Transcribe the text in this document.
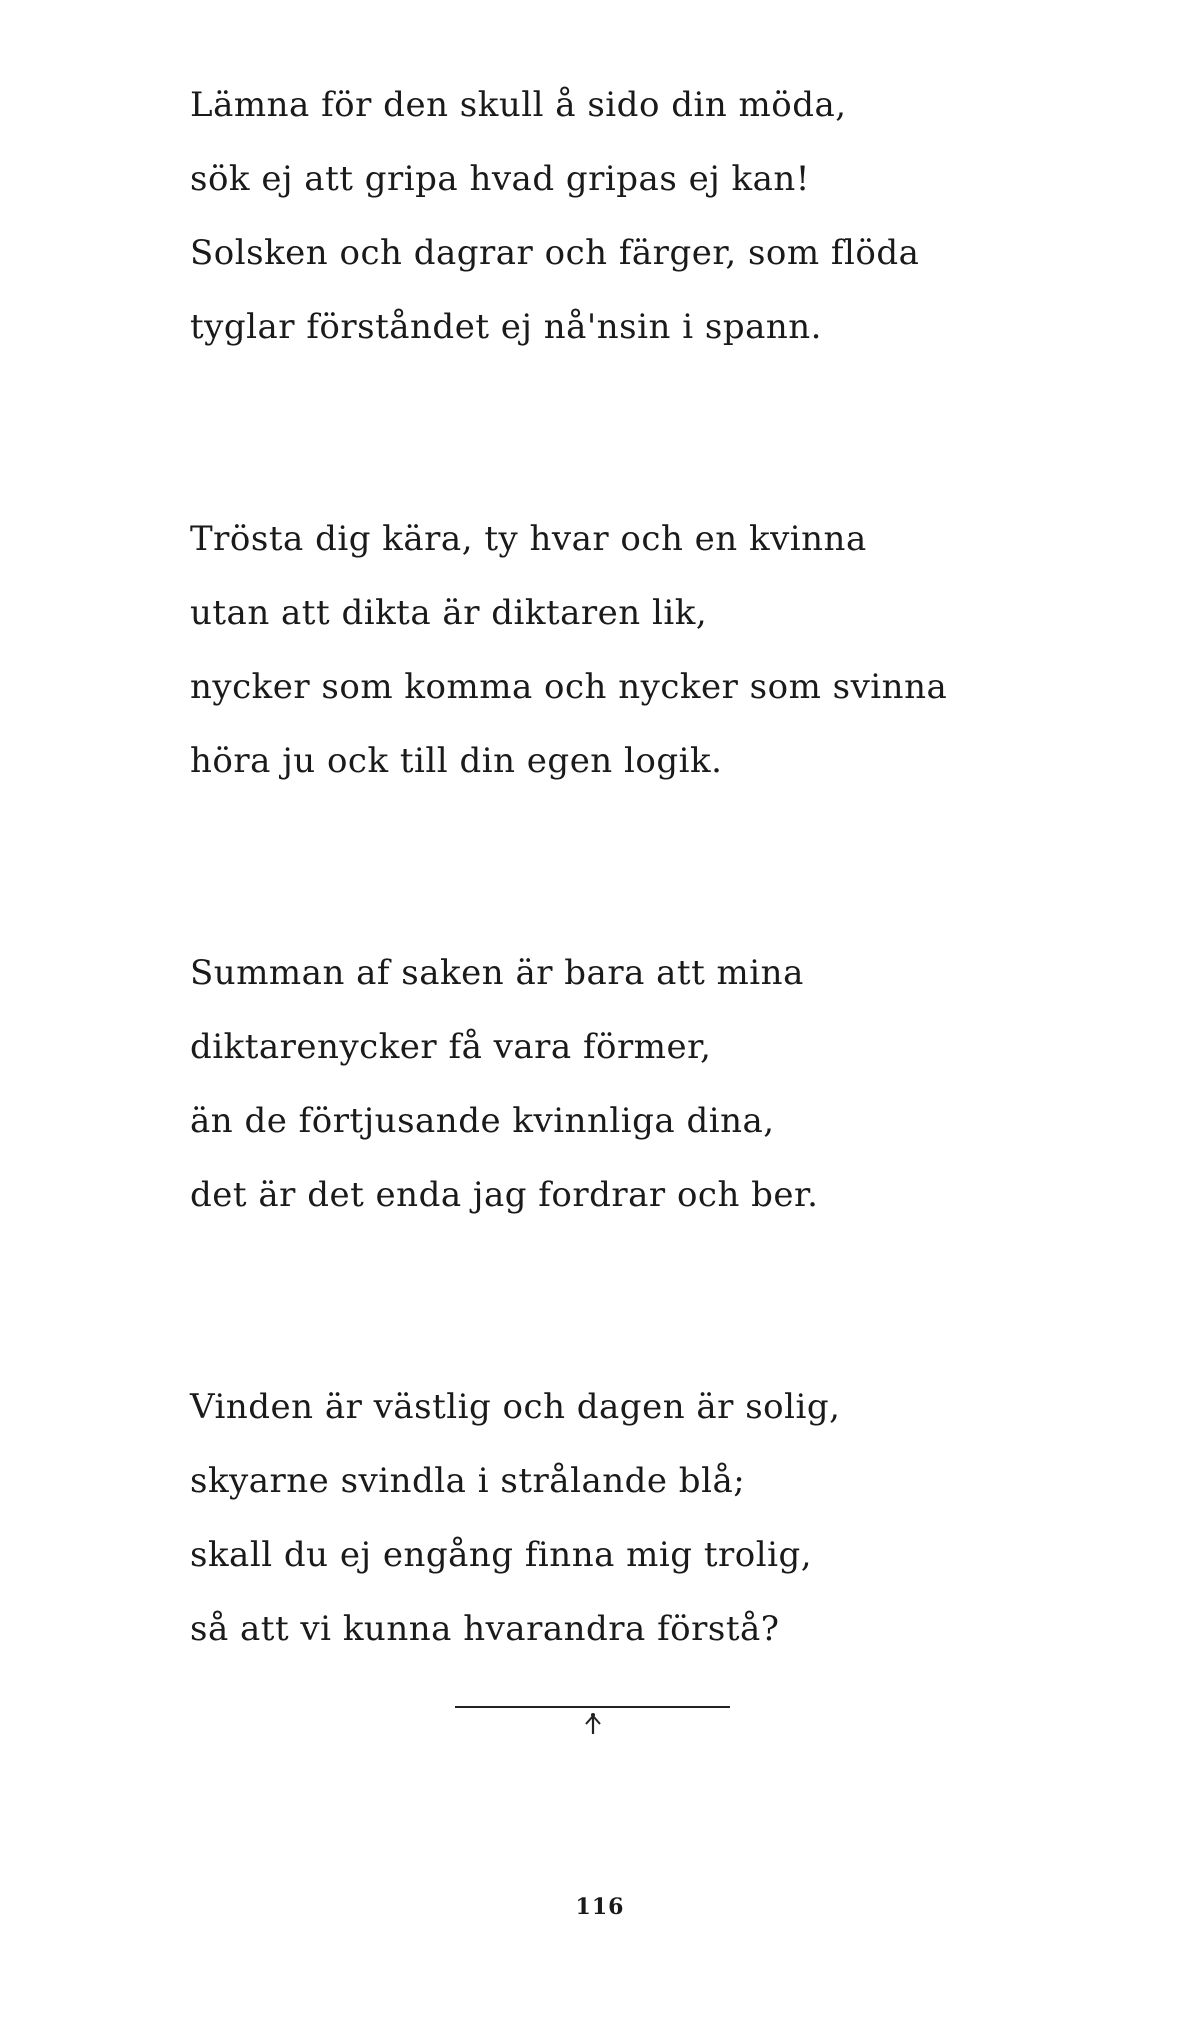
Lämna för den skull å sido din möda,
sök ej att gripa hvad gripas ej kan!
Solsken och dagrar och färger, som flöda
tyglar förståndet ej nå'nsin i spann.
Trösta dig kära, ty hvar och en kvinna
utan att dikta är diktaren lik,
nycker som komma och nycker som svinna
höra ju ock till din egen logik.
Summan af saken är bara att mina
diktarenycker få vara förmer,
än de förtjusande kvinnliga dina,
det är det enda jag fordrar och ber.
Vinden är västlig och dagen är solig,
skyarne svindla i strålande blå;
skall du ej engång finna mig trolig,
så att vi kunna hvarandra förstå?
116
